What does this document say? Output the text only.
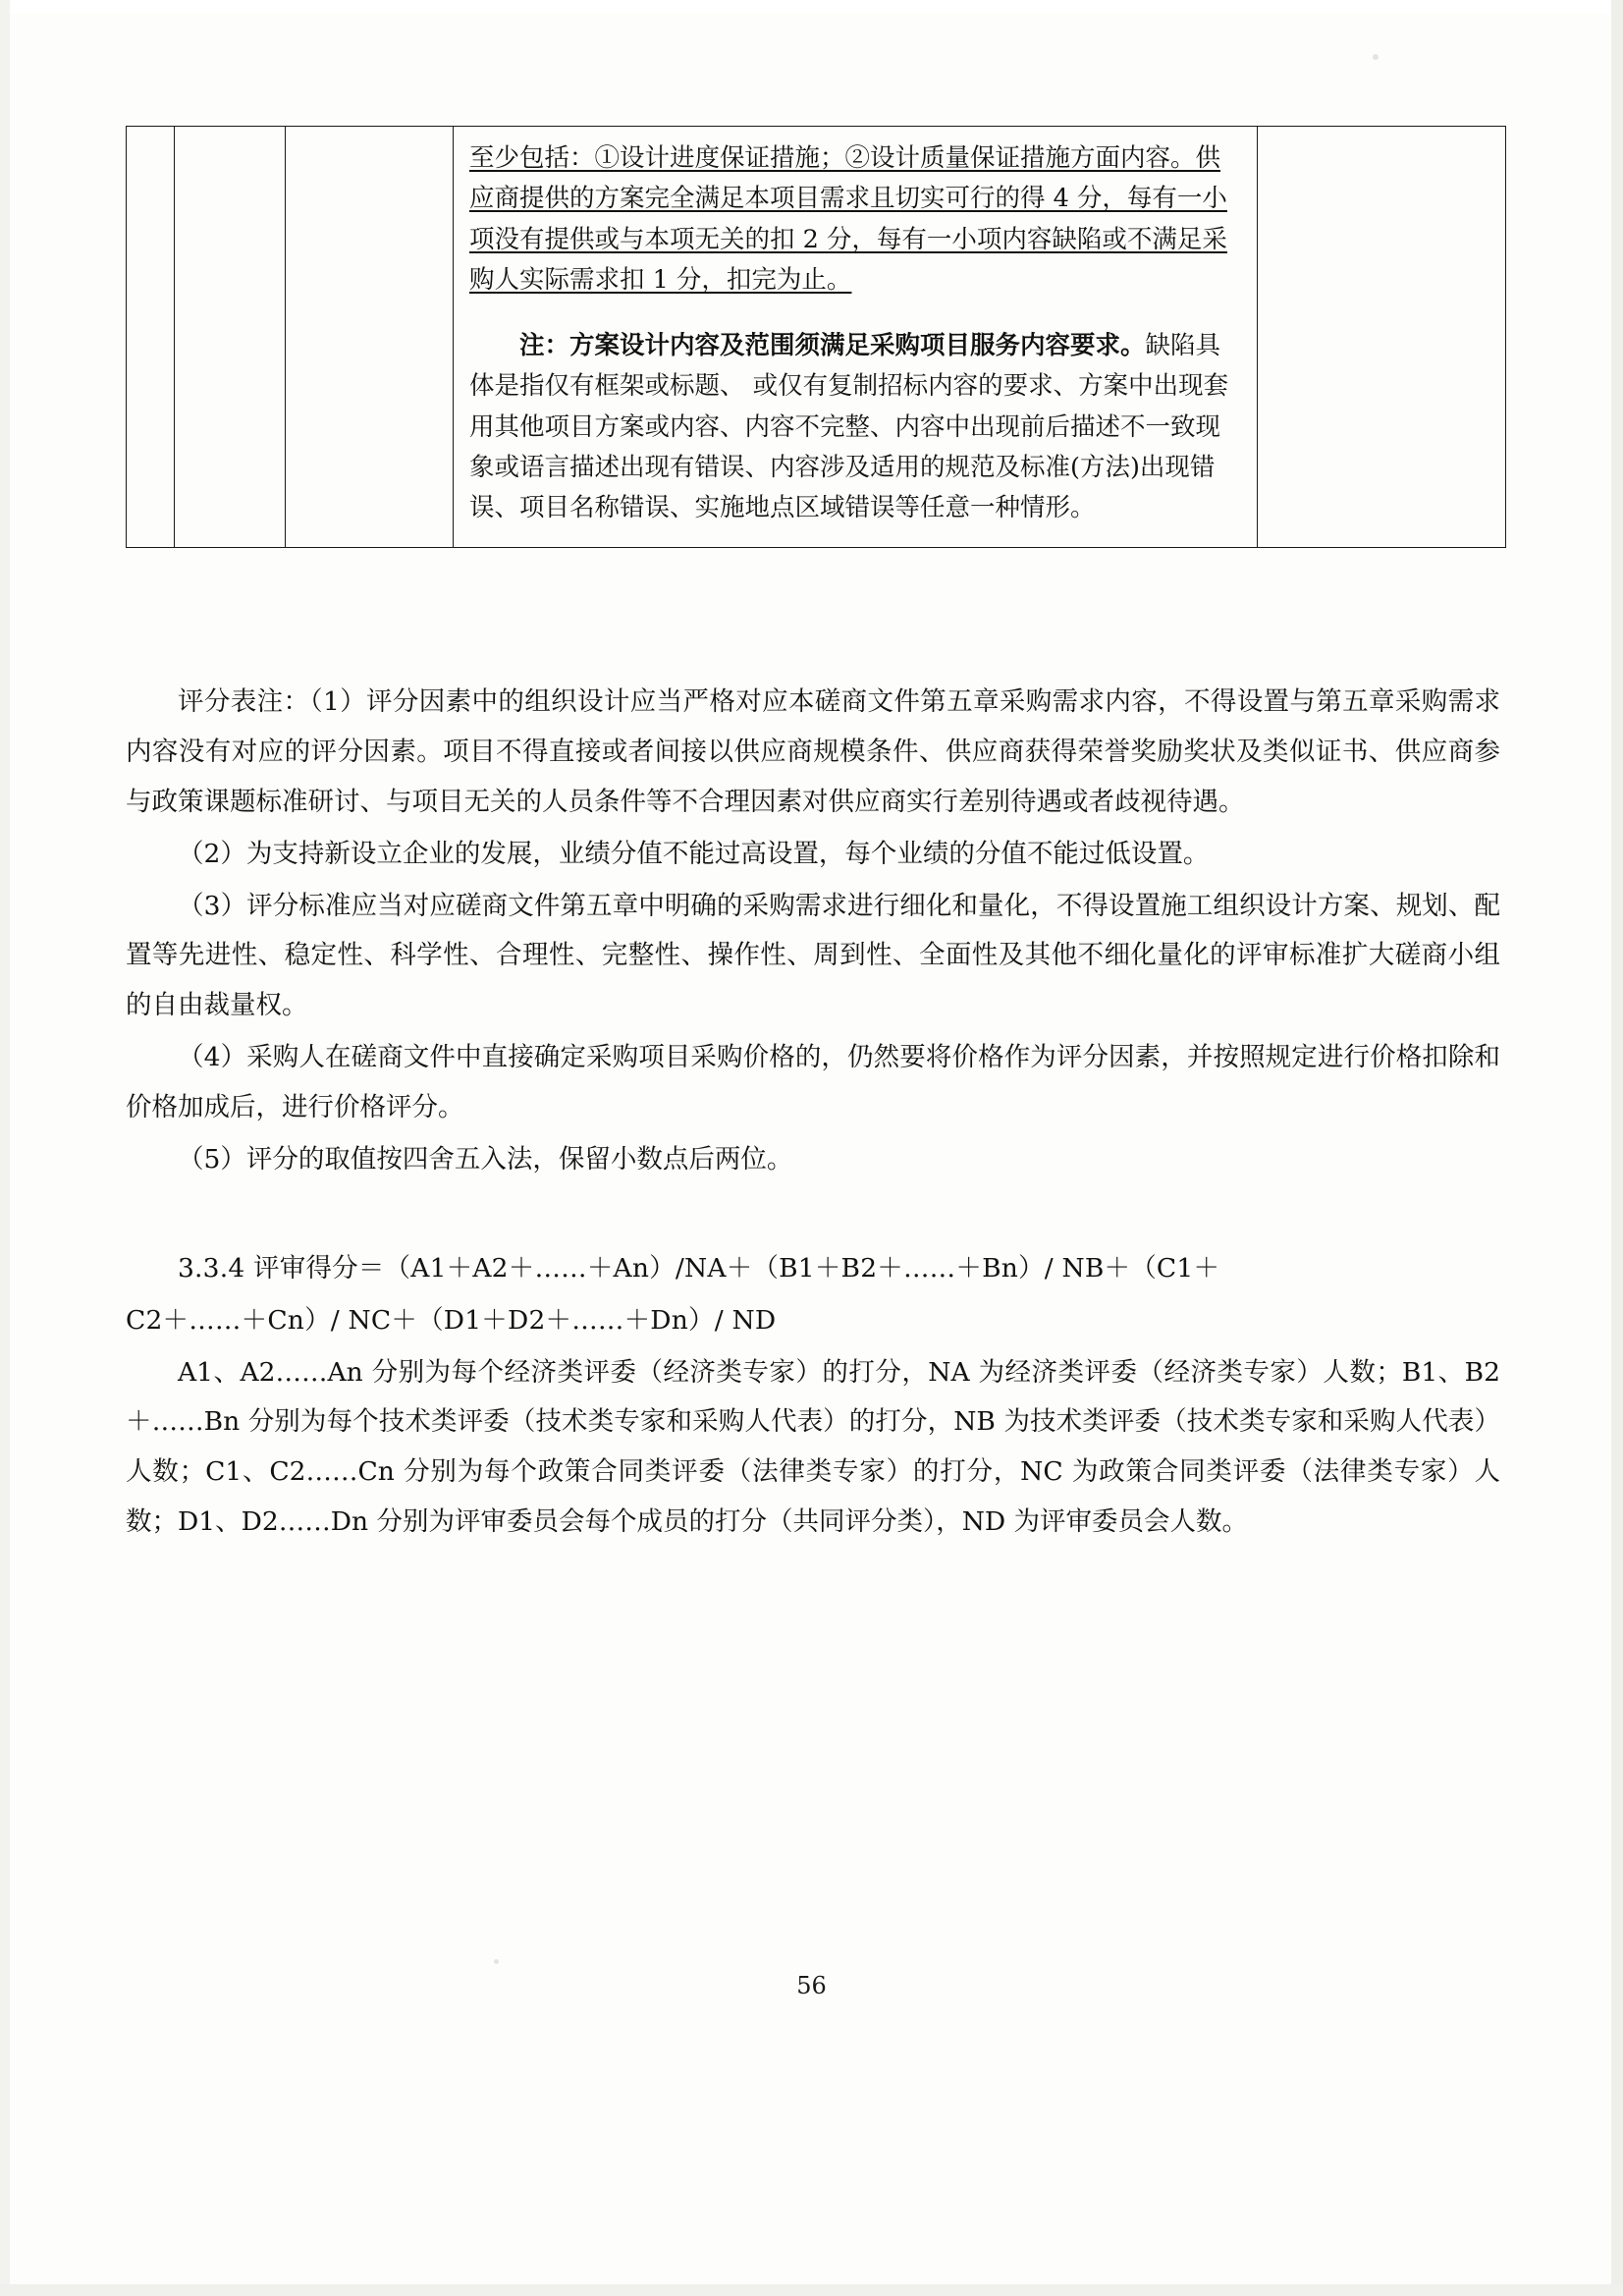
至少包括：①设计进度保证措施；②设计质量保证措施方面内容。供应商提供的方案完全满足本项目需求且切实可行的得 4 分，每有一小项没有提供或与本项无关的扣 2 分，每有一小项内容缺陷或不满足采购人实际需求扣 1 分，扣完为止。
注：方案设计内容及范围须满足采购项目服务内容要求。缺陷具体是指仅有框架或标题、 或仅有复制招标内容的要求、方案中出现套用其他项目方案或内容、内容不完整、内容中出现前后描述不一致现象或语言描述出现有错误、内容涉及适用的规范及标准(方法)出现错误、项目名称错误、实施地点区域错误等任意一种情形。

评分表注：（1）评分因素中的组织设计应当严格对应本磋商文件第五章采购需求内容，不得设置与第五章采购需求内容没有对应的评分因素。项目不得直接或者间接以供应商规模条件、供应商获得荣誉奖励奖状及类似证书、供应商参与政策课题标准研讨、与项目无关的人员条件等不合理因素对供应商实行差别待遇或者歧视待遇。

（2）为支持新设立企业的发展，业绩分值不能过高设置，每个业绩的分值不能过低设置。

（3）评分标准应当对应磋商文件第五章中明确的采购需求进行细化和量化，不得设置施工组织设计方案、规划、配置等先进性、稳定性、科学性、合理性、完整性、操作性、周到性、全面性及其他不细化量化的评审标准扩大磋商小组的自由裁量权。

（4）采购人在磋商文件中直接确定采购项目采购价格的，仍然要将价格作为评分因素，并按照规定进行价格扣除和价格加成后，进行价格评分。

（5）评分的取值按四舍五入法，保留小数点后两位。

3.3.4 评审得分＝（A1＋A2＋……＋An）/NA＋（B1＋B2＋……＋Bn）/ NB＋（C1＋

C2＋……＋Cn）/ NC＋（D1＋D2＋……＋Dn）/ ND

A1、A2……An 分别为每个经济类评委（经济类专家）的打分，NA 为经济类评委（经济类专家）人数；B1、B2＋……Bn 分别为每个技术类评委（技术类专家和采购人代表）的打分，NB 为技术类评委（技术类专家和采购人代表）人数；C1、C2……Cn 分别为每个政策合同类评委（法律类专家）的打分，NC 为政策合同类评委（法律类专家）人数；D1、D2……Dn 分别为评审委员会每个成员的打分（共同评分类），ND 为评审委员会人数。

56
